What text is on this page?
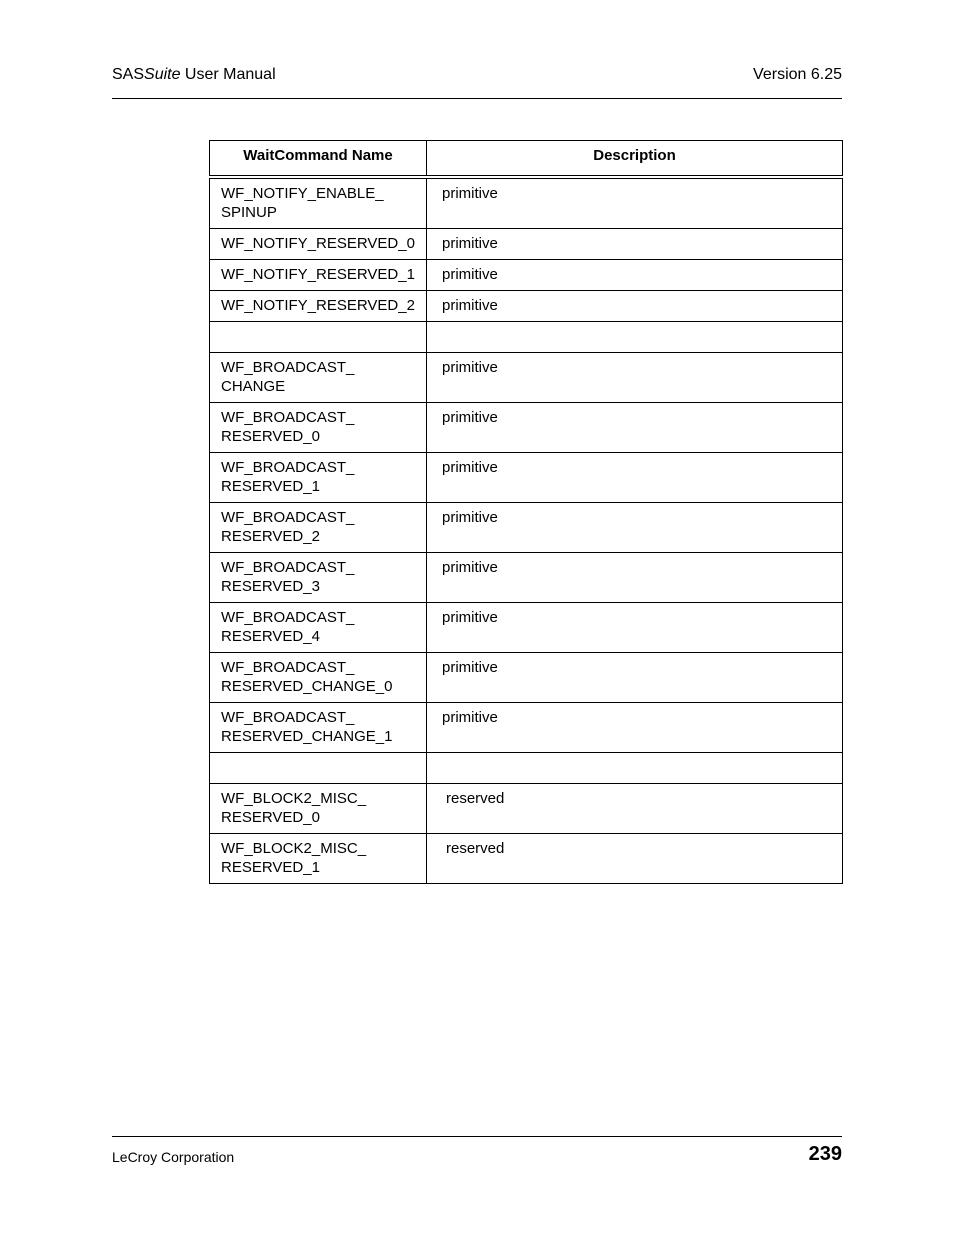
SASSuite User Manual	Version 6.25
WaitCommand Name	Description

WF_NOTIFY_ENABLE_
SPINUP	primitive

WF_NOTIFY_RESERVED_0	primitive

WF_NOTIFY_RESERVED_1	primitive

WF_NOTIFY_RESERVED_2	primitive

WF_BROADCAST_
CHANGE	primitive

WF_BROADCAST_
RESERVED_0	primitive

WF_BROADCAST_
RESERVED_1	primitive

WF_BROADCAST_
RESERVED_2	primitive

WF_BROADCAST_
RESERVED_3	primitive

WF_BROADCAST_
RESERVED_4	primitive

WF_BROADCAST_
RESERVED_CHANGE_0	primitive

WF_BROADCAST_
RESERVED_CHANGE_1	primitive

WF_BLOCK2_MISC_
RESERVED_0	reserved

WF_BLOCK2_MISC_
RESERVED_1	reserved
LeCroy Corporation	239
